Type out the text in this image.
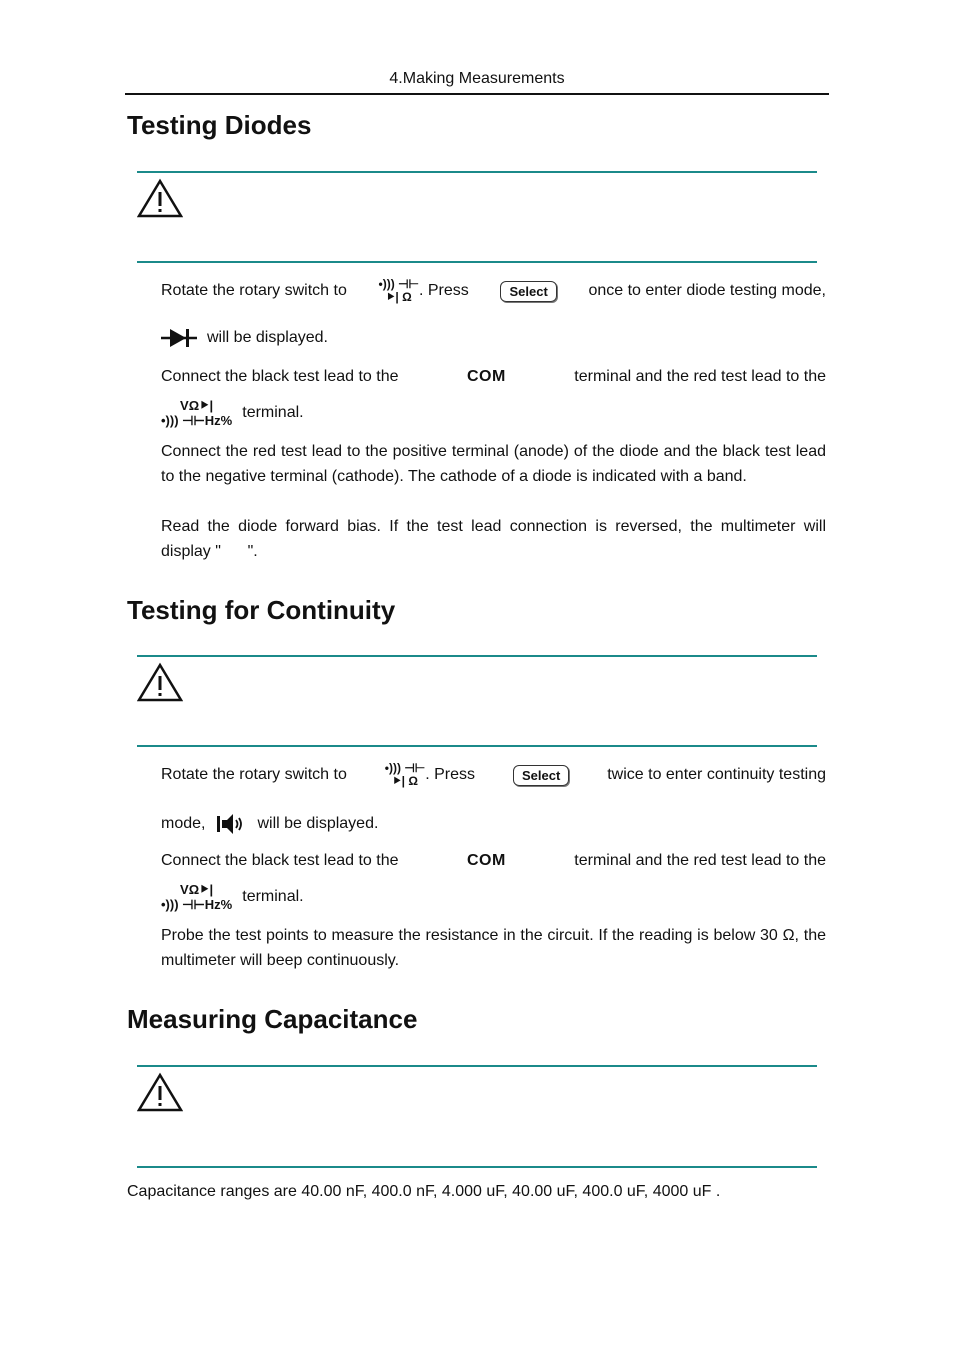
4.Making Measurements
Testing Diodes
Rotate the rotary switch to	•))) ⊣⊢
⯈| Ω . Press	Select	once to enter diode testing mode,
will be displayed.
Connect the black test lead to the	COM	terminal and the red test lead to the
VΩ⯈|
•))) ⊣⊢Hz% terminal.
Connect the red test lead to the positive terminal (anode) of the diode and the black test lead to the negative terminal (cathode). The cathode of a diode is indicated with a band.
Read the diode forward bias. If the test lead connection is reversed, the multimeter will display "      ".
Testing for Continuity
Rotate the rotary switch to	•))) ⊣⊢
⯈| Ω . Press	Select	twice to enter continuity testing
mode,	will be displayed.
Connect the black test lead to the	COM	terminal and the red test lead to the
VΩ⯈|
•))) ⊣⊢Hz% terminal.
Probe the test points to measure the resistance in the circuit. If the reading is below 30 Ω, the multimeter will beep continuously.
Measuring Capacitance
Capacitance ranges are 40.00 nF, 400.0 nF, 4.000 uF, 40.00 uF, 400.0 uF, 4000 uF .
